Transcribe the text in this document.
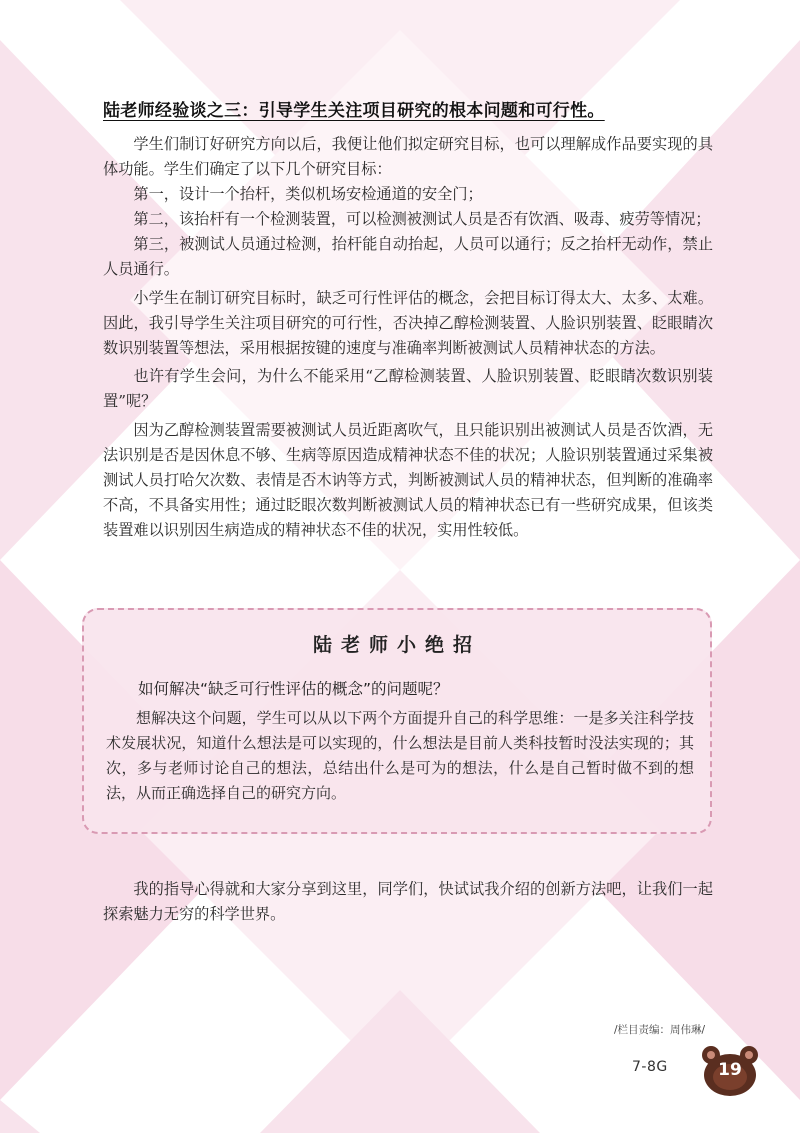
陆老师经验谈之三：引导学生关注项目研究的根本问题和可行性。

学生们制订好研究方向以后，我便让他们拟定研究目标，也可以理解成作品要实现的具体功能。学生们确定了以下几个研究目标：

第一，设计一个抬杆，类似机场安检通道的安全门；

第二，该抬杆有一个检测装置，可以检测被测试人员是否有饮酒、吸毒、疲劳等情况；

第三，被测试人员通过检测，抬杆能自动抬起，人员可以通行；反之抬杆无动作，禁止人员通行。

小学生在制订研究目标时，缺乏可行性评估的概念，会把目标订得太大、太多、太难。因此，我引导学生关注项目研究的可行性，否决掉乙醇检测装置、人脸识别装置、眨眼睛次数识别装置等想法，采用根据按键的速度与准确率判断被测试人员精神状态的方法。

也许有学生会问，为什么不能采用“乙醇检测装置、人脸识别装置、眨眼睛次数识别装置”呢？

因为乙醇检测装置需要被测试人员近距离吹气，且只能识别出被测试人员是否饮酒，无法识别是否是因休息不够、生病等原因造成精神状态不佳的状况；人脸识别装置通过采集被测试人员打哈欠次数、表情是否木讷等方式，判断被测试人员的精神状态，但判断的准确率不高，不具备实用性；通过眨眼次数判断被测试人员的精神状态已有一些研究成果，但该类装置难以识别因生病造成的精神状态不佳的状况，实用性较低。

陆老师小绝招

如何解决“缺乏可行性评估的概念”的问题呢？

想解决这个问题，学生可以从以下两个方面提升自己的科学思维：一是多关注科学技术发展状况，知道什么想法是可以实现的，什么想法是目前人类科技暂时没法实现的；其次，多与老师讨论自己的想法，总结出什么是可为的想法，什么是自己暂时做不到的想法，从而正确选择自己的研究方向。

我的指导心得就和大家分享到这里，同学们，快试试我介绍的创新方法吧，让我们一起探索魅力无穷的科学世界。

/栏目责编：周伟琳/

7-8G	19
